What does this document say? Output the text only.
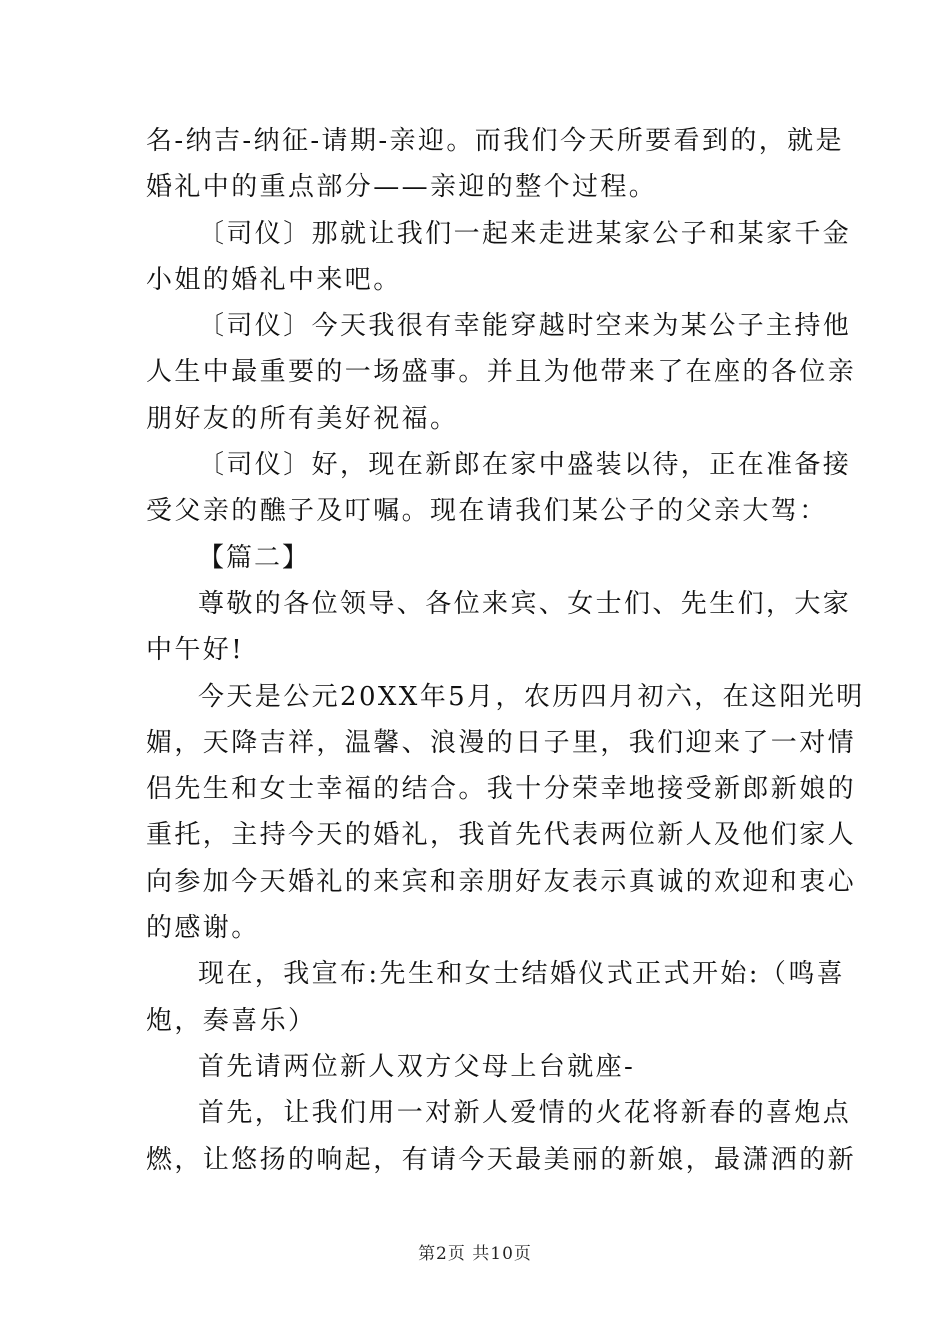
名-纳吉-纳征-请期-亲迎。而我们今天所要看到的，就是
婚礼中的重点部分——亲迎的整个过程。
〔司仪〕那就让我们一起来走进某家公子和某家千金
小姐的婚礼中来吧。
〔司仪〕今天我很有幸能穿越时空来为某公子主持他
人生中最重要的一场盛事。并且为他带来了在座的各位亲
朋好友的所有美好祝福。
〔司仪〕好，现在新郎在家中盛装以待，正在准备接
受父亲的醮子及叮嘱。现在请我们某公子的父亲大驾：
【篇二】
尊敬的各位领导、各位来宾、女士们、先生们，大家
中午好!
今天是公元20XX年5月，农历四月初六，在这阳光明
媚，天降吉祥，温馨、浪漫的日子里，我们迎来了一对情
侣先生和女士幸福的结合。我十分荣幸地接受新郎新娘的
重托，主持今天的婚礼，我首先代表两位新人及他们家人
向参加今天婚礼的来宾和亲朋好友表示真诚的欢迎和衷心
的感谢。
现在，我宣布:先生和女士结婚仪式正式开始:（鸣喜
炮，奏喜乐）
首先请两位新人双方父母上台就座-
首先，让我们用一对新人爱情的火花将新春的喜炮点
燃，让悠扬的响起，有请今天最美丽的新娘，最潇洒的新
第2页 共10页
